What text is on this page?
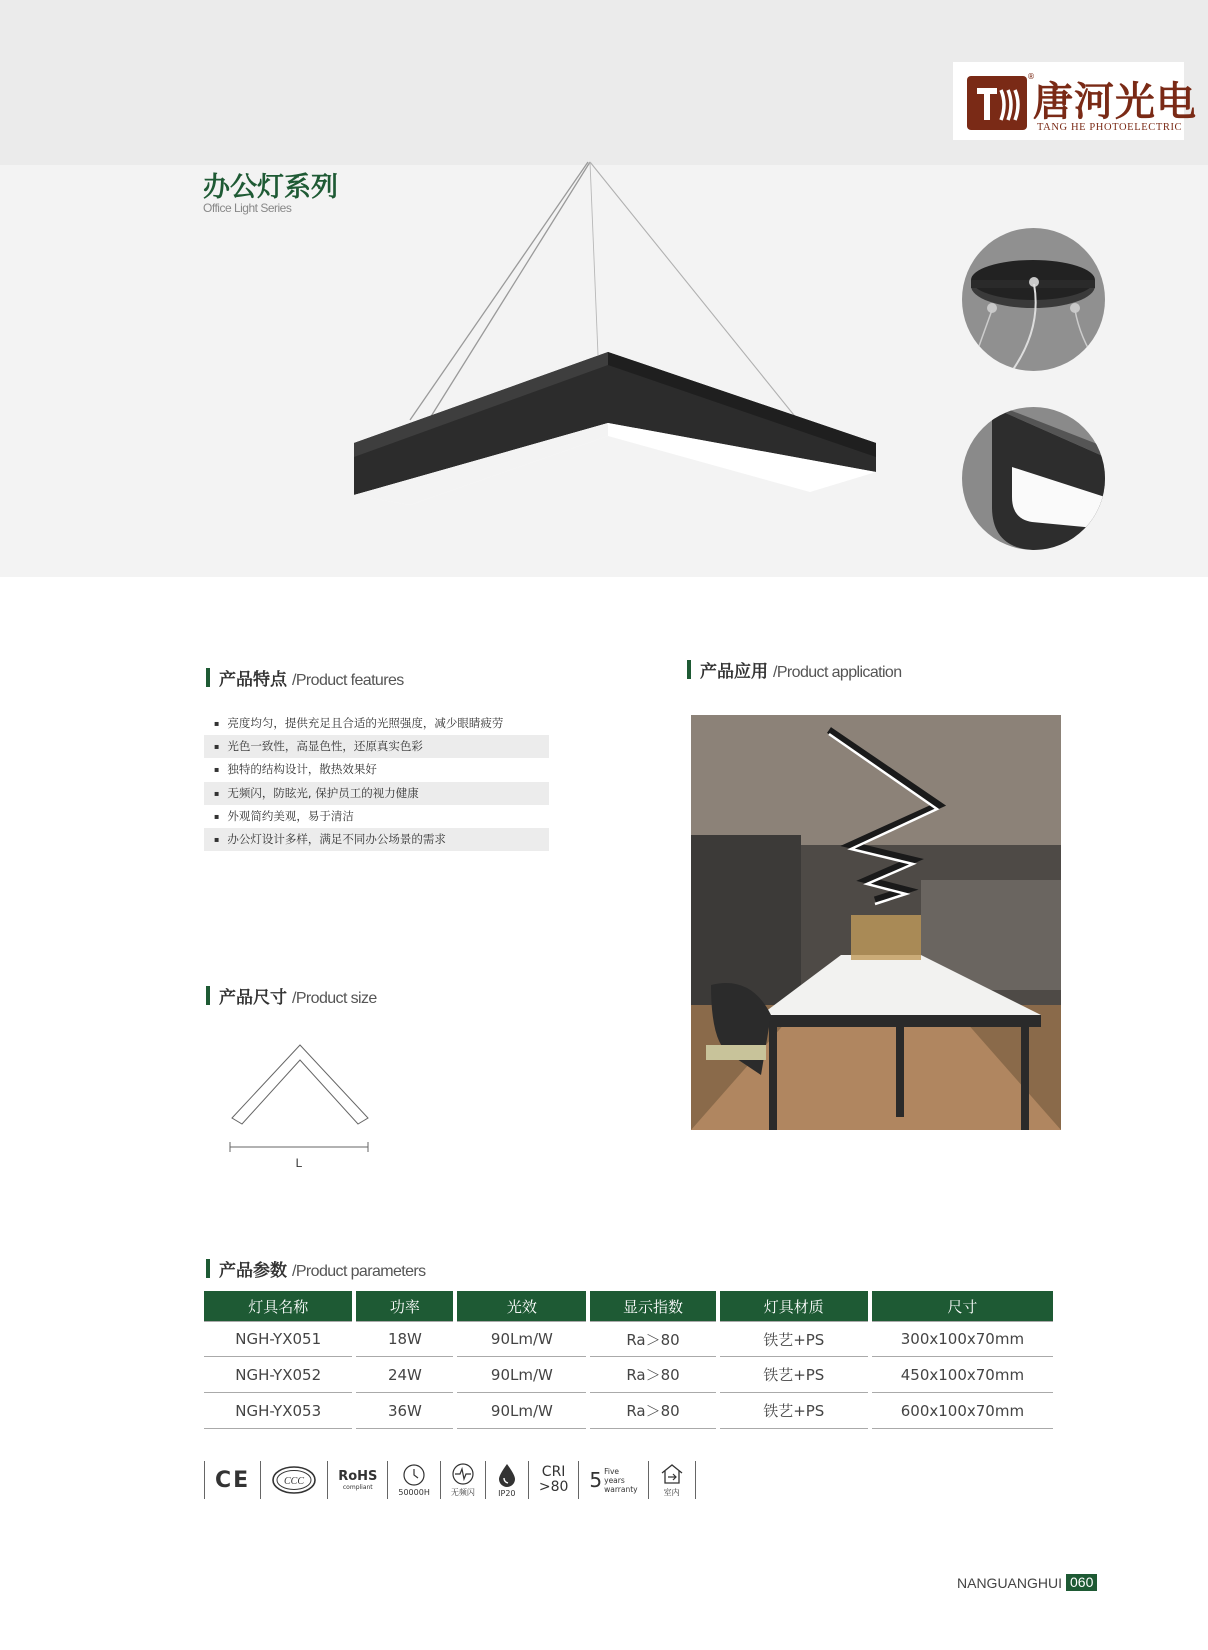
®
唐河光电
TANG HE PHOTOELECTRIC
办公灯系列
Office Light Series
产品特点 /Product features
▪ 亮度均匀，提供充足且合适的光照强度，减少眼睛疲劳
▪ 光色一致性，高显色性，还原真实色彩
▪ 独特的结构设计，散热效果好
▪ 无频闪，防眩光, 保护员工的视力健康
▪ 外观简约美观，易于清洁
▪ 办公灯设计多样，满足不同办公场景的需求
产品应用 /Product application
产品尺寸 /Product size
L
产品参数 /Product parameters
灯具名称	功率	光效	显示指数	灯具材质	尺寸
NGH-YX051	18W	90Lm/W	Ra＞80	铁艺+PS	300x100x70mm
NGH-YX052	24W	90Lm/W	Ra＞80	铁艺+PS	450x100x70mm
NGH-YX053	36W	90Lm/W	Ra＞80	铁艺+PS	600x100x70mm
CE	CCC	RoHS
compliant	50000H	无频闪	IP20
CRI
>80 5 Five
years
warranty	室内
NANGUANGHUI 060
